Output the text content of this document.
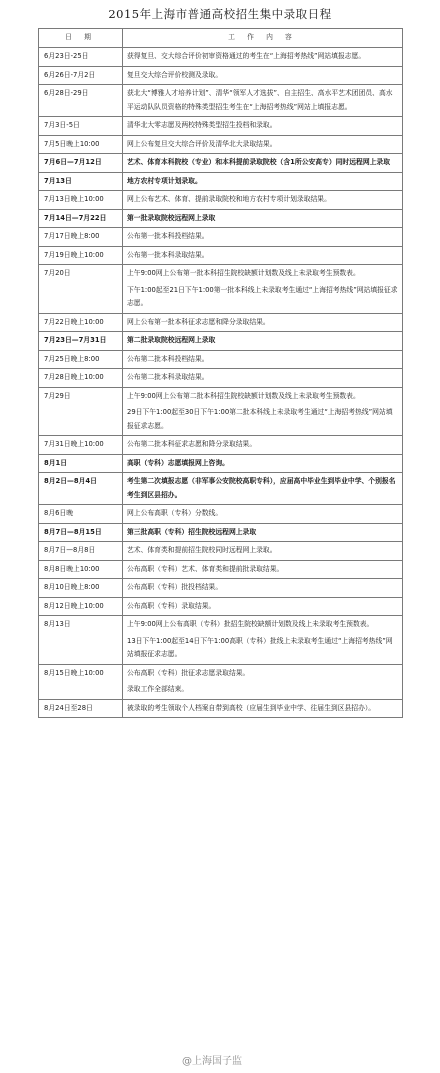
2015年上海市普通高校招生集中录取日程
日 期	工 作 内 容
6月23日-25日	获得复旦、交大综合评价初审资格通过的考生在“上海招考热线”网站填报志愿。

6月26日-7月2日	复旦交大综合评价校测及录取。

6月28日-29日	获北大“博雅人才培养计划”、清华“领军人才选拔”、自主招生、高水平艺术团团员、高水平运动队队员资格的特殊类型招生考生在“上海招考热线”网站上填报志愿。

7月3日-5日	清华北大零志愿及两校特殊类型招生投档和录取。

7月5日晚上10:00	网上公布复旦交大综合评价及清华北大录取结果。

7月6日—7月12日	艺术、体育本科院校（专业）和本科提前录取院校（含1所公安高专）同时远程网上录取

7月13日	地方农村专项计划录取。

7月13日晚上10:00	网上公布艺术、体育、提前录取院校和地方农村专项计划录取结果。

7月14日—7月22日	第一批录取院校远程网上录取

7月17日晚上8:00	公布第一批本科投档结果。

7月19日晚上10:00	公布第一批本科录取结果。

7月20日	上午9:00网上公布第一批本科招生院校缺额计划数及线上未录取考生预数表。

下午1:00起至21日下午1:00第一批本科线上未录取考生通过“上海招考热线”网站填报征求志愿。

7月22日晚上10:00	网上公布第一批本科征求志愿和降分录取结果。

7月23日—7月31日	第二批录取院校远程网上录取

7月25日晚上8:00	公布第二批本科投档结果。

7月28日晚上10:00	公布第二批本科录取结果。

7月29日	上午9:00网上公布第二批本科招生院校缺额计划数及线上未录取考生预数表。

29日下午1:00起至30日下午1:00第二批本科线上未录取考生通过“上海招考热线”网站填报征求志愿。

7月31日晚上10:00	公布第二批本科征求志愿和降分录取结果。

8月1日	高职（专科）志愿填报网上咨询。

8月2日—8月4日	考生第二次填报志愿（非军事公安院校高职专科），应届高中毕业生到毕业中学、个别报名考生到区县招办。

8月6日晚	网上公布高职（专科）分数线。

8月7日—8月15日	第三批高职（专科）招生院校远程网上录取

8月7日—8月8日	艺术、体育类和提前招生院校同时远程网上录取。

8月8日晚上10:00	公布高职（专科）艺术、体育类和提前批录取结果。

8月10日晚上8:00	公布高职（专科）批投档结果。

8月12日晚上10:00	公布高职（专科）录取结果。

8月13日	上午9:00网上公布高职（专科）批招生院校缺额计划数及线上未录取考生预数表。

13日下午1:00起至14日下午1:00高职（专科）批线上未录取考生通过“上海招考热线”网站填报征求志愿。

8月15日晚上10:00	公布高职（专科）批征求志愿录取结果。

录取工作全部结束。

8月24日至28日	被录取的考生领取个人档案自带到高校（应届生到毕业中学、往届生到区县招办）。

@上海国子监
